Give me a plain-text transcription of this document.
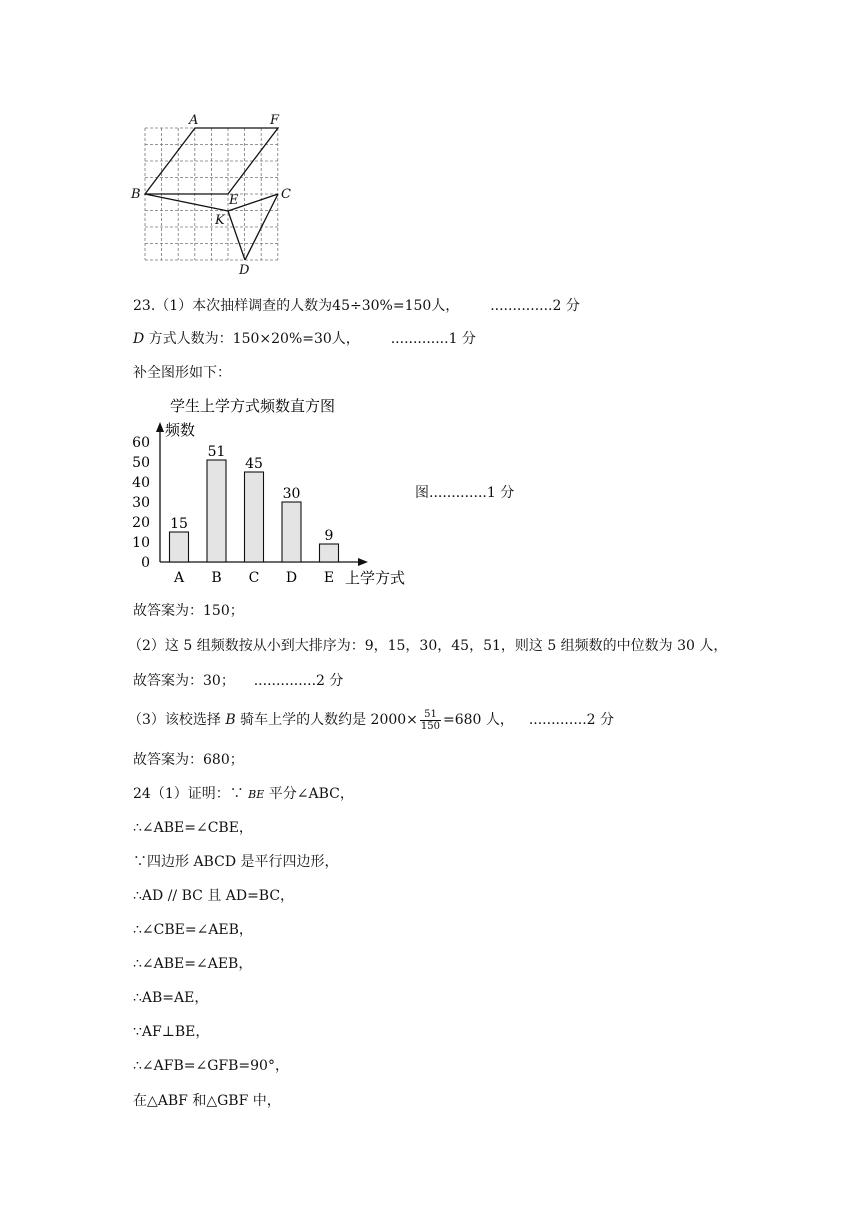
A	F
B	E	C
K
D
23.（1）本次抽样调查的人数为45÷30%=150人， ..............2 分
D 方式人数为：150×20%=30人， .............1 分
补全图形如下：
学生上学方式频数直方图
频数
上学方式
0
10
20
30
40
50
60
15
A
51
B
45
C
30
D
9
E
图.............1 分
故答案为：150；
（2）这 5 组频数按从小到大排序为：9，15，30，45，51，则这 5 组频数的中位数为 30 人，
故答案为：30； ..............2 分
（3）该校选择 B 骑车上学的人数约是 $2000\times \frac{51}{150} =680$ 人， .............2 分
故答案为：680；
24（1）证明：∵ BE 平分∠ABC，
∴∠ABE=∠CBE，
∵四边形 ABCD 是平行四边形，
∴AD // BC 且 AD=BC，
∴∠CBE=∠AEB，
∴∠ABE=∠AEB，
∴AB=AE，
∵AF⊥BE，
∴∠AFB=∠GFB=90°，
在△ABF 和△GBF 中，
